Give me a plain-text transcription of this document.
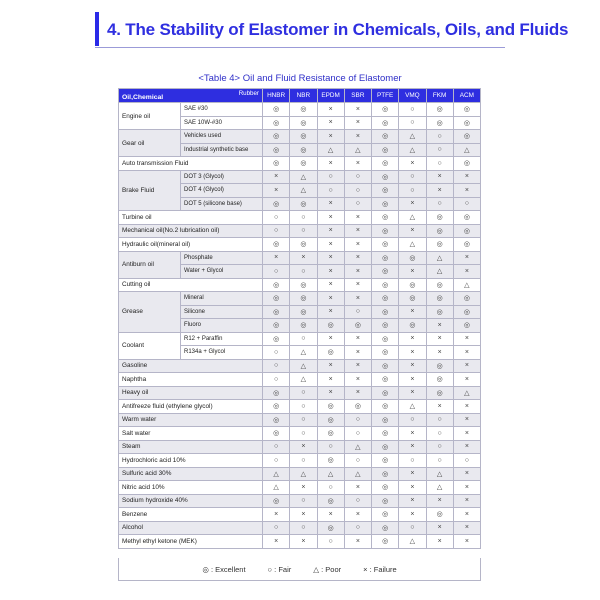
4. The Stability of Elastomer in Chemicals, Oils, and Fluids
<Table 4> Oil and Fluid Resistance of Elastomer
Oil,Chemical
Rubber		HNBR	NBR	EPDM	SBR	PTFE	VMQ	FKM	ACM
Engine oil	SAE #30	◎	◎	×	×	◎	○	◎	◎
	SAE 10W-#30	◎	◎	×	×	◎	○	◎	◎
Gear oil	Vehicles used	◎	◎	×	×	◎	△	○	◎
	Industrial synthetic base	◎	◎	△	△	◎	△	○	△
Auto transmission Fluid		◎	◎	×	×	◎	×	○	◎
Brake Fluid	DOT 3 (Glycol)	×	△	○	○	◎	○	×	×
	DOT 4 (Glycol)	×	△	○	○	◎	○	×	×
	DOT 5 (silicone base)	◎	◎	×	○	◎	×	○	○
Turbine oil		○	○	×	×	◎	△	◎	◎
Mechanical oil(No.2 lubrication oil)		○	○	×	×	◎	×	◎	◎
Hydraulic oil(mineral oil)		◎	◎	×	×	◎	△	◎	◎
Antiburn oil	Phosphate	×	×	×	×	◎	◎	△	×
	Water + Glycol	○	○	×	×	◎	×	△	×
Cutting oil		◎	◎	×	×	◎	◎	◎	△
Grease	Mineral	◎	◎	×	×	◎	◎	◎	◎
	Silicone	◎	◎	×	○	◎	×	◎	◎
	Fluoro	◎	◎	◎	◎	◎	◎	×	◎
Coolant	R12 + Paraffin	◎	○	×	×	◎	×	×	×
	R134a + Glycol	○	△	◎	×	◎	×	×	×
Gasoline		○	△	×	×	◎	×	◎	×
Naphtha		○	△	×	×	◎	×	◎	×
Heavy oil		◎	○	×	×	◎	×	◎	△
Antifreeze fluid (ethylene glycol)		◎	○	◎	◎	◎	△	×	×
Warm water		◎	○	◎	○	◎	○	○	×
Salt water		◎	○	◎	○	◎	×	○	×
Steam		○	×	○	△	◎	×	○	×
Hydrochloric acid 10%		○	○	◎	○	◎	○	○	○
Sulfuric acid 30%		△	△	△	△	◎	×	△	×
Nitric acid 10%		△	×	○	×	◎	×	△	×
Sodium hydroxide 40%		◎	○	◎	○	◎	×	×	×
Benzene		×	×	×	×	◎	×	◎	×
Alcohol		○	○	◎	○	◎	○	×	×
Methyl ethyl ketone (MEK)		×	×	○	×	◎	△	×	×
◎ : Excellent	○ : Fair	△ : Poor	× : Failure
